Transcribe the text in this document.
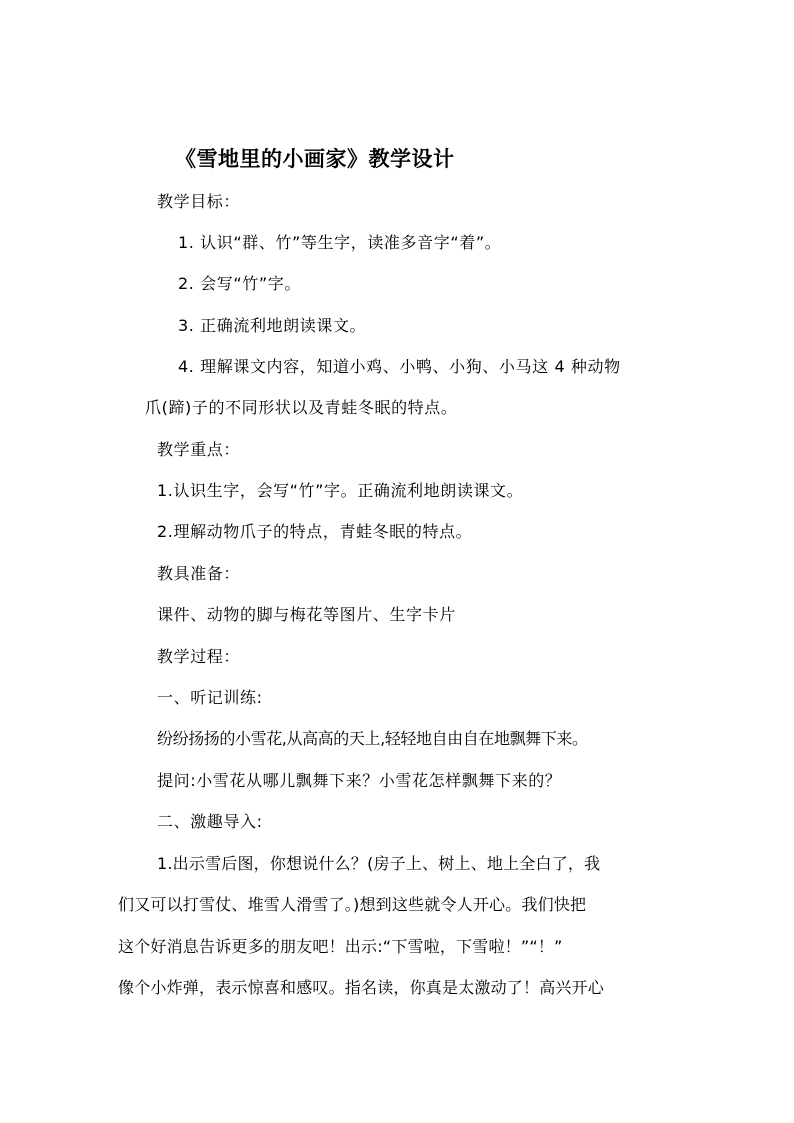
《雪地里的小画家》教学设计
教学目标：
1. 认识“群、竹”等生字，读准多音字“着”。
2. 会写“竹”字。
3. 正确流利地朗读课文。
4. 理解课文内容，知道小鸡、小鸭、小狗、小马这 4 种动物
爪(蹄)子的不同形状以及青蛙冬眠的特点。
教学重点：
1.认识生字，会写“竹”字。正确流利地朗读课文。
2.理解动物爪子的特点，青蛙冬眠的特点。
教具准备：
课件、动物的脚与梅花等图片、生字卡片
教学过程：
一、听记训练:
纷纷扬扬的小雪花,从高高的天上,轻轻地自由自在地飘舞下来。
提问:小雪花从哪儿飘舞下来？小雪花怎样飘舞下来的？
二、激趣导入:
1.出示雪后图，你想说什么？(房子上、树上、地上全白了，我
们又可以打雪仗、堆雪人滑雪了。)想到这些就令人开心。我们快把
这个好消息告诉更多的朋友吧！出示:“下雪啦，下雪啦！”“！”
像个小炸弹，表示惊喜和感叹。指名读，你真是太激动了！高兴开心
